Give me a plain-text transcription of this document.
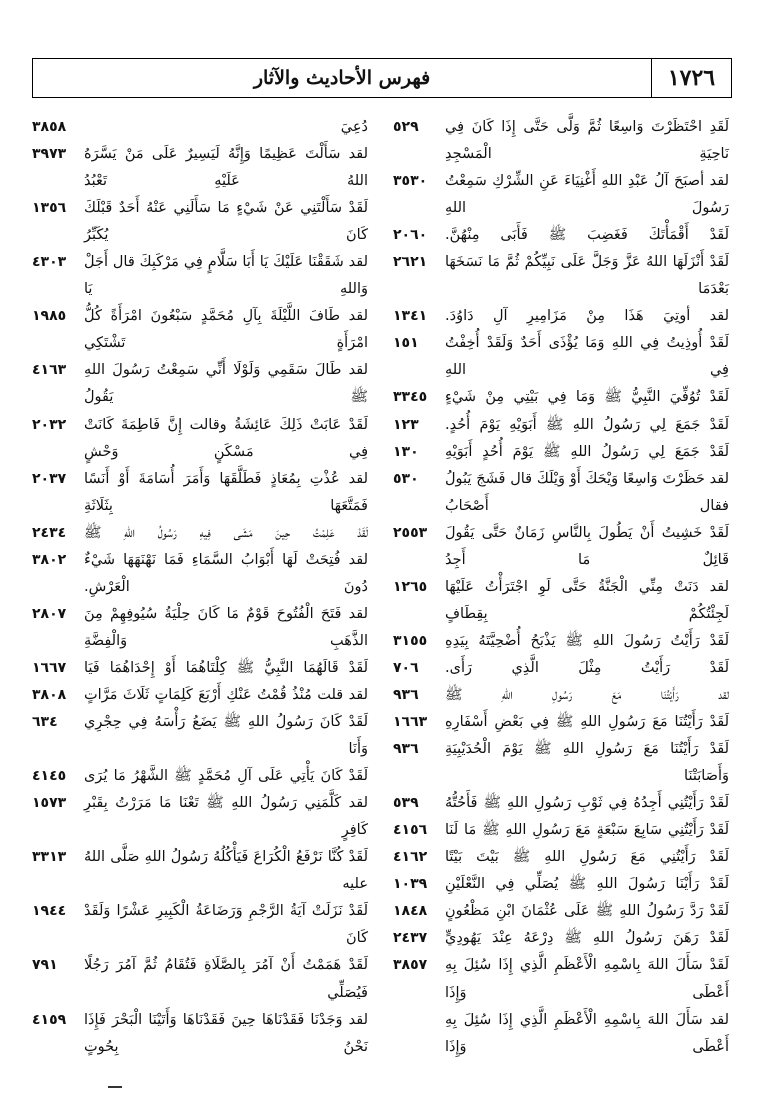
١٧٢٦
فهرس الأحاديث والآثار
لَقَدِ احْتَظَرْتَ وَاسِعًا ثُمَّ وَلَّى حَتَّى إِذَا كَانَ فِي نَاحِيَةِ الْمَسْجِدِ
٥٢٩
لقد أصبَحَ آلُ عَبْدِ اللهِ أَغْنِيَاءَ عَنِ الشِّرْكِ سَمِعْتُ رَسُولَ اللهِ
٣٥٣٠
لَقَدْ أَقْمَأْتَكَ فَغَضِبَ ﷺ فَأَبَى مِنْهُنَّ.
٢٠٦٠
لَقَدْ أَنْزَلَهَا اللهُ عَزَّ وَجَلَّ عَلَى نَبِيِّكُمْ ثُمَّ مَا نَسَخَهَا بَعْدَمَا
٢٦٢١
لقد أوتِيَ هَذَا مِنْ مَزَامِيرِ آلِ دَاوُدَ.
١٣٤١
لَقَدْ أُوذِيتُ فِي اللهِ وَمَا يُؤْذَى أَحَدٌ وَلَقَدْ أُخِفْتُ فِي اللهِ
١٥١
لَقَدْ تُوُفِّيَ النَّبِيُّ ﷺ وَمَا فِي بَيْتِي مِنْ شَيْءٍ
٣٣٤٥
لَقَدْ جَمَعَ لِي رَسُولُ اللهِ ﷺ أَبَوَيْهِ يَوْمَ أُحُدٍ.
١٢٣
لَقَدْ جَمَعَ لِي رَسُولُ اللهِ ﷺ يَوْمَ أُحُدٍ أَبَوَيْهِ
١٣٠
لقد حَظَرْتَ وَاسِعًا وَيْحَكَ أَوْ وَيْلَكَ قال فَشَجَ يَبُولُ فقال أَصْحَابُ
٥٣٠
لَقَدْ خَشِيتُ أَنْ يَطُولَ بِالنَّاسِ زَمَانٌ حَتَّى يَقُولَ قَائِلٌ مَا أَجِدُ
٢٥٥٣
لقد دَنَتْ مِنِّي الْجَنَّةُ حَتَّى لَوِ اجْتَرَأْتُ عَلَيْهَا لَجِئْتُكُمْ بِقِطَافٍ
١٢٦٥
لَقَدْ رَأَيْتُ رَسُولَ اللهِ ﷺ يَذْبَحُ أُضْحِيَّتَهُ بِيَدِهِ
٣١٥٥
لَقَدْ رَأَيْتُ مِثْلَ الَّذِي رَأَى.
٧٠٦
لقد رَأَيْتُنَا مَعَ رَسُولِ اللهِ ﷺ
٩٣٦
لَقَدْ رَأَيْتُنَا مَعَ رَسُولِ اللهِ ﷺ فِي بَعْضِ أَسْفَارِهِ
١٦٦٣
لَقَدْ رَأَيْتُنَا مَعَ رَسُولِ اللهِ ﷺ يَوْمَ الْحُدَيْبِيَةِ وَأَصَابَتْنَا
٩٣٦
لَقَدْ رَأَيْتُنِي أَجِدُهُ فِي ثَوْبِ رَسُولِ اللهِ ﷺ فَأَحُتُّهُ
٥٣٩
لَقَدْ رَأَيْتُنِي سَابِعَ سَبْعَةٍ مَعَ رَسُولِ اللهِ ﷺ مَا لَنَا
٤١٥٦
لَقَدْ رَأَيْتُنِي مَعَ رَسُولِ اللهِ ﷺ بَيْتَ بَيْتًا
٤١٦٢
لَقَدْ رَأَيْنَا رَسُولَ اللهِ ﷺ يُصَلِّي فِي النَّعْلَيْنِ
١٠٣٩
لَقَدْ رَدَّ رَسُولُ اللهِ ﷺ عَلَى عُثْمَانَ ابْنِ مَظْعُونٍ
١٨٤٨
لَقَدْ رَهَنَ رَسُولُ اللهِ ﷺ دِرْعَهُ عِنْدَ يَهُودِيٍّ
٢٤٣٧
لَقَدْ سَأَلَ اللهَ بِاسْمِهِ الْأَعْظَمِ الَّذِي إِذَا سُئِلَ بِهِ أَعْطَى وَإِذَا
٣٨٥٧
لقد سَأَلَ اللهَ بِاسْمِهِ الْأَعْظَمِ الَّذِي إِذَا سُئِلَ بِهِ أَعْطَى وَإِذَا
دُعِيَ
٣٨٥٨
لقد سَأَلْتَ عَظِيمًا وَإِنَّهُ لَيَسِيرٌ عَلَى مَنْ يَسَّرَهُ اللهُ عَلَيْهِ تَعْبُدُ
٣٩٧٣
لَقَدْ سَأَلْتَنِي عَنْ شَيْءٍ مَا سَأَلَنِي عَنْهُ أَحَدٌ قَبْلَكَ كَانَ يُكَبِّرُ
١٣٥٦
لقد شَقَقْنَا عَلَيْكَ يَا أَبَا سَلَّامٍ فِي مَرْكَبِكَ قال أَجَلْ وَاللهِ يَا
٤٣٠٣
لقد طَافَ اللَّيْلَةَ بِآلِ مُحَمَّدٍ سَبْعُونَ امْرَأَةً كُلُّ امْرَأَةٍ تَشْتَكِي
١٩٨٥
لقد طَالَ سَقَمِي وَلَوْلَا أَنِّي سَمِعْتُ رَسُولَ اللهِ ﷺ يَقُولُ
٤١٦٣
لَقَدْ عَابَتْ ذَلِكَ عَائِشَةُ وقالت إِنَّ فَاطِمَةَ كَانَتْ فِي مَسْكَنٍ وَحْشٍ
٢٠٣٢
لقد عُذْتِ بِمُعَاذٍ فَطَلَّقَهَا وَأَمَرَ أُسَامَةَ أَوْ أَنَسًا فَمَتَّعَهَا بِثَلَاثَةِ
٢٠٣٧
لَقَدْ عَلِمْتُ حِينَ مَشَى فِيهِ رَسُولُ اللهِ ﷺ
٢٤٣٤
لقد فُتِحَتْ لَهَا أَبْوَابُ السَّمَاءِ فَمَا نَهْنَهَهَا شَيْءٌ دُونَ الْعَرْشِ.
٣٨٠٢
لقد فَتَحَ الْفُتُوحَ قَوْمٌ مَا كَانَ حِلْيَةُ سُيُوفِهِمْ مِنَ الذَّهَبِ وَالْفِضَّةِ
٢٨٠٧
لَقَدْ قَالَهُمَا النَّبِيُّ ﷺ كِلْتَاهُمَا أَوْ إِحْدَاهُمَا فَيَا
١٦٦٧
لقد قلت مُنْذُ قُمْتُ عَنْكِ أَرْبَعَ كَلِمَاتٍ ثَلَاثَ مَرَّاتٍ
٣٨٠٨
لَقَدْ كَانَ رَسُولُ اللهِ ﷺ يَضَعُ رَأْسَهُ فِي حِجْرِي وَأَنَا
٦٣٤
لَقَدْ كَانَ يَأْتِي عَلَى آلِ مُحَمَّدٍ ﷺ الشَّهْرُ مَا يُرَى
٤١٤٥
لقد كَلَّمَنِي رَسُولُ اللهِ ﷺ تَعْنَا مَا مَرَرْتُ بِقَبْرِ كَافِرٍ
١٥٧٣
لَقَدْ كُنَّا نَرْفَعُ الْكُرَاعَ فَيَأْكُلُهُ رَسُولُ اللهِ صَلَّى اللهُ عليه
٣٣١٣
لَقَدْ نَزَلَتْ آيَةُ الرَّجْمِ وَرَضَاعَةُ الْكَبِيرِ عَشْرًا وَلَقَدْ كَانَ
١٩٤٤
لَقَدْ هَمَمْتُ أَنْ آمُرَ بِالصَّلَاةِ فَتُقَامُ ثُمَّ آمُرَ رَجُلًا فَيُصَلِّي
٧٩١
لقد وَجَدْنَا فَقَدْنَاهَا حِينَ فَقَدْنَاهَا وَأَتَيْنَا الْبَحْرَ فَإِذَا نَحْنُ بِحُوتٍ
٤١٥٩
